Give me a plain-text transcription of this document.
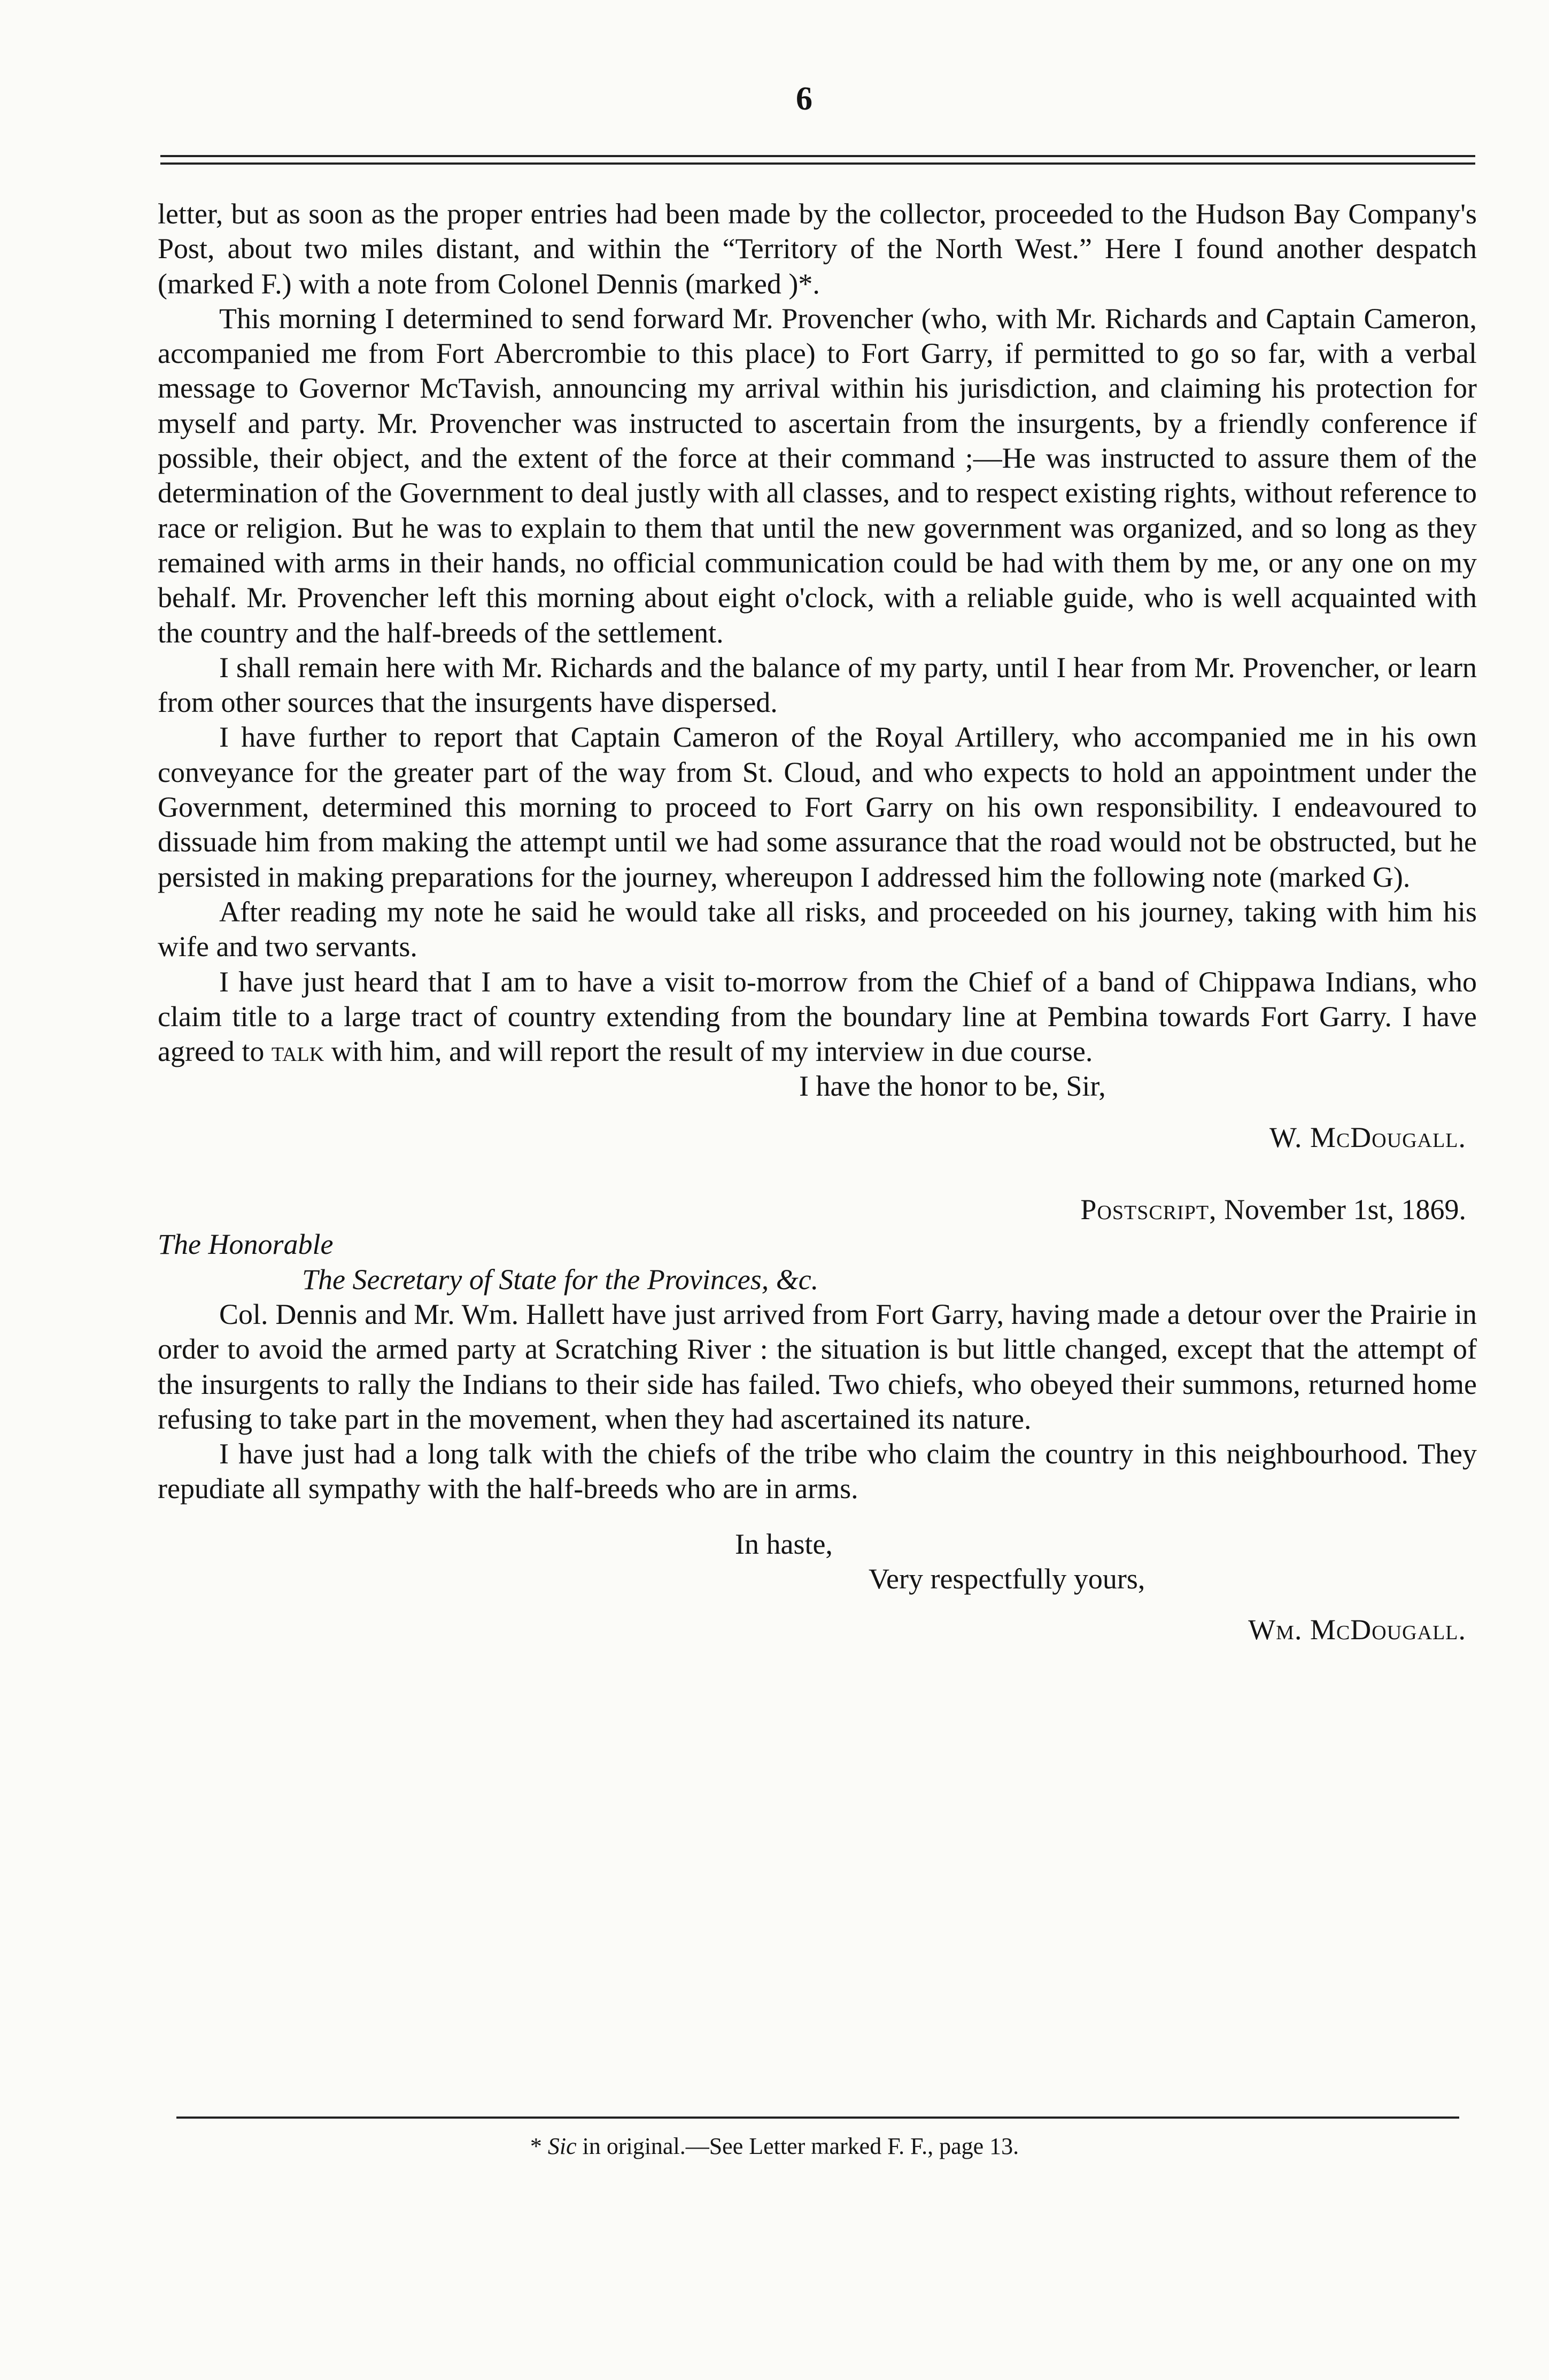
6

letter, but as soon as the proper entries had been made by the collector, proceeded to the Hudson Bay Company's Post, about two miles distant, and within the “Territory of the North West.” Here I found another despatch (marked F.) with a note from Colonel Dennis (marked )*.

This morning I determined to send forward Mr. Provencher (who, with Mr. Richards and Captain Cameron, accompanied me from Fort Abercrombie to this place) to Fort Garry, if permitted to go so far, with a verbal message to Governor McTavish, announcing my arrival within his jurisdiction, and claiming his protection for myself and party. Mr. Provencher was instructed to ascertain from the insurgents, by a friendly conference if possible, their object, and the extent of the force at their command ;—He was instructed to assure them of the determination of the Government to deal justly with all classes, and to respect existing rights, without reference to race or religion. But he was to explain to them that until the new government was organized, and so long as they remained with arms in their hands, no official communication could be had with them by me, or any one on my behalf. Mr. Provencher left this morning about eight o'clock, with a reliable guide, who is well acquainted with the country and the half-breeds of the settlement.

I shall remain here with Mr. Richards and the balance of my party, until I hear from Mr. Provencher, or learn from other sources that the insurgents have dispersed.

I have further to report that Captain Cameron of the Royal Artillery, who accompanied me in his own conveyance for the greater part of the way from St. Cloud, and who expects to hold an appointment under the Government, determined this morning to proceed to Fort Garry on his own responsibility. I endeavoured to dissuade him from making the attempt until we had some assurance that the road would not be obstructed, but he persisted in making preparations for the journey, whereupon I addressed him the following note (marked G).

After reading my note he said he would take all risks, and proceeded on his journey, taking with him his wife and two servants.

I have just heard that I am to have a visit to-morrow from the Chief of a band of Chippawa Indians, who claim title to a large tract of country extending from the boundary line at Pembina towards Fort Garry. I have agreed to talk with him, and will report the result of my interview in due course.

I have the honor to be, Sir,

W. McDougall.

Postscript, November 1st, 1869.

The Honorable

The Secretary of State for the Provinces, &c.

Col. Dennis and Mr. Wm. Hallett have just arrived from Fort Garry, having made a detour over the Prairie in order to avoid the armed party at Scratching River : the situation is but little changed, except that the attempt of the insurgents to rally the Indians to their side has failed. Two chiefs, who obeyed their summons, returned home refusing to take part in the movement, when they had ascertained its nature.

I have just had a long talk with the chiefs of the tribe who claim the country in this neighbourhood. They repudiate all sympathy with the half-breeds who are in arms.

In haste,

Very respectfully yours,

Wm. McDougall.

* Sic in original.—See Letter marked F. F., page 13.
